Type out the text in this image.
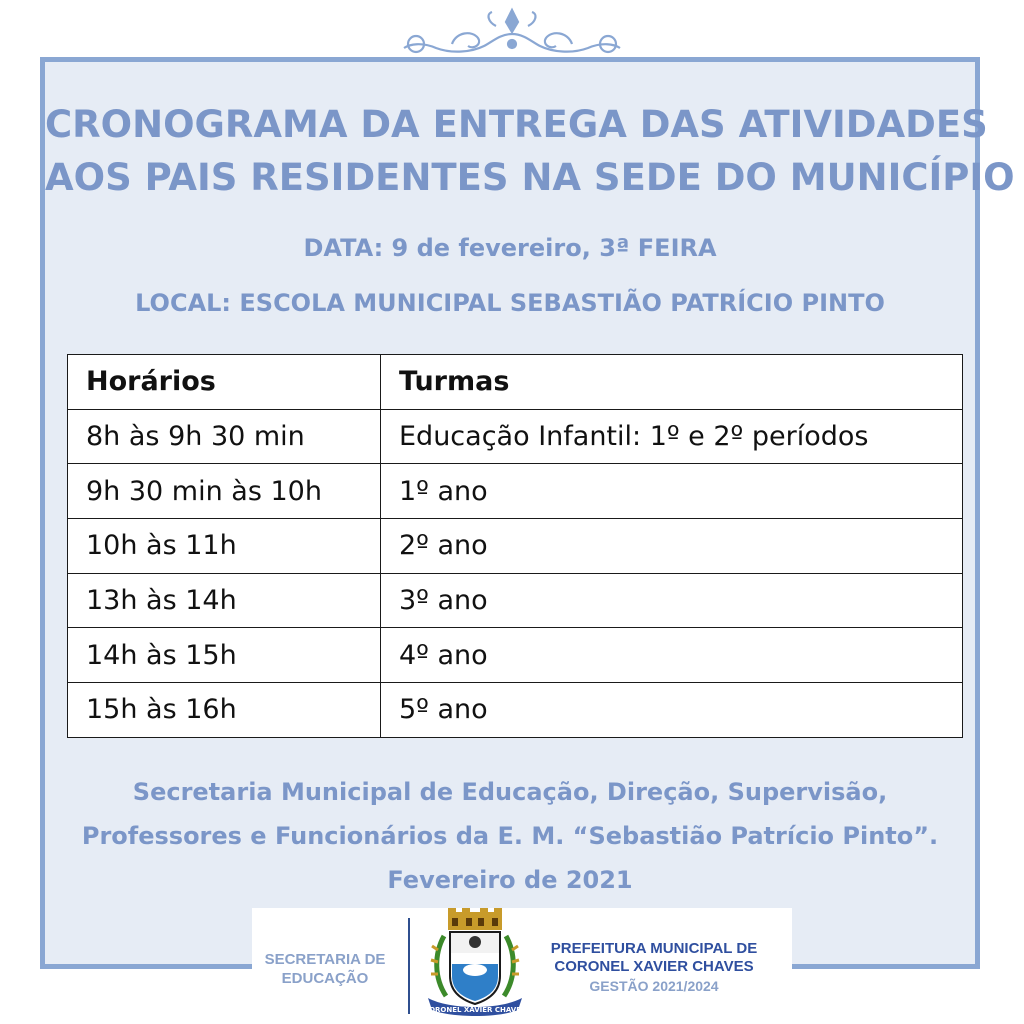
CRONOGRAMA DA ENTREGA DAS ATIVIDADES
AOS PAIS RESIDENTES NA SEDE DO MUNICÍPIO
DATA: 9 de fevereiro, 3ª FEIRA
LOCAL: ESCOLA MUNICIPAL SEBASTIÃO PATRÍCIO PINTO
Horários	Turmas
8h às 9h 30 min	Educação Infantil: 1º e 2º períodos
9h 30 min às 10h	1º ano
10h às 11h	2º ano
13h às 14h	3º ano
14h às 15h	4º ano
15h às 16h	5º ano
Secretaria Municipal de Educação, Direção, Supervisão,
Professores e Funcionários da E. M. “Sebastião Patrício Pinto”.
Fevereiro de 2021
SECRETARIA DE
EDUCAÇÃO
CORONEL XAVIER CHAVES
PREFEITURA MUNICIPAL DE
CORONEL XAVIER CHAVES
GESTÃO 2021/2024
